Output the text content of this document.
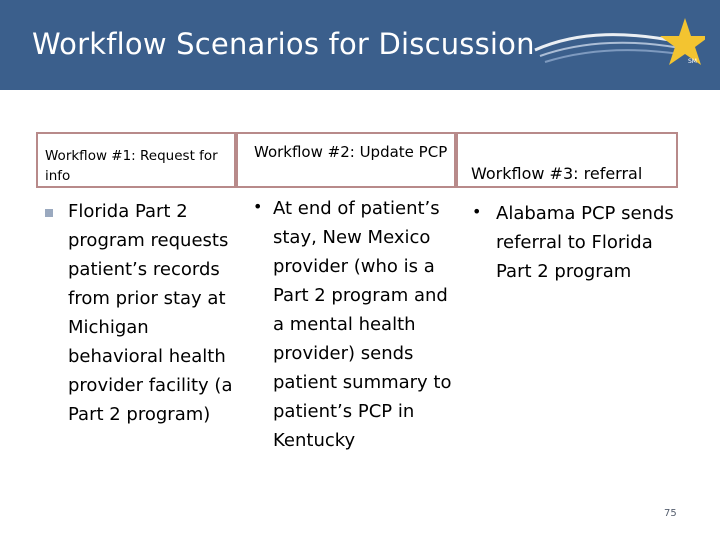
Workflow Scenarios for Discussion
SM
Workflow #1: Request for info
Workflow #2: Update PCP
Workflow #3: referral
Florida Part 2 program requests patient’s records from prior stay at Michigan behavioral health provider facility (a Part 2 program)
• At end of patient’s stay, New Mexico provider (who is a Part 2 program and a mental health provider) sends patient summary to patient’s PCP in Kentucky
• Alabama PCP sends referral to Florida Part 2 program
75
